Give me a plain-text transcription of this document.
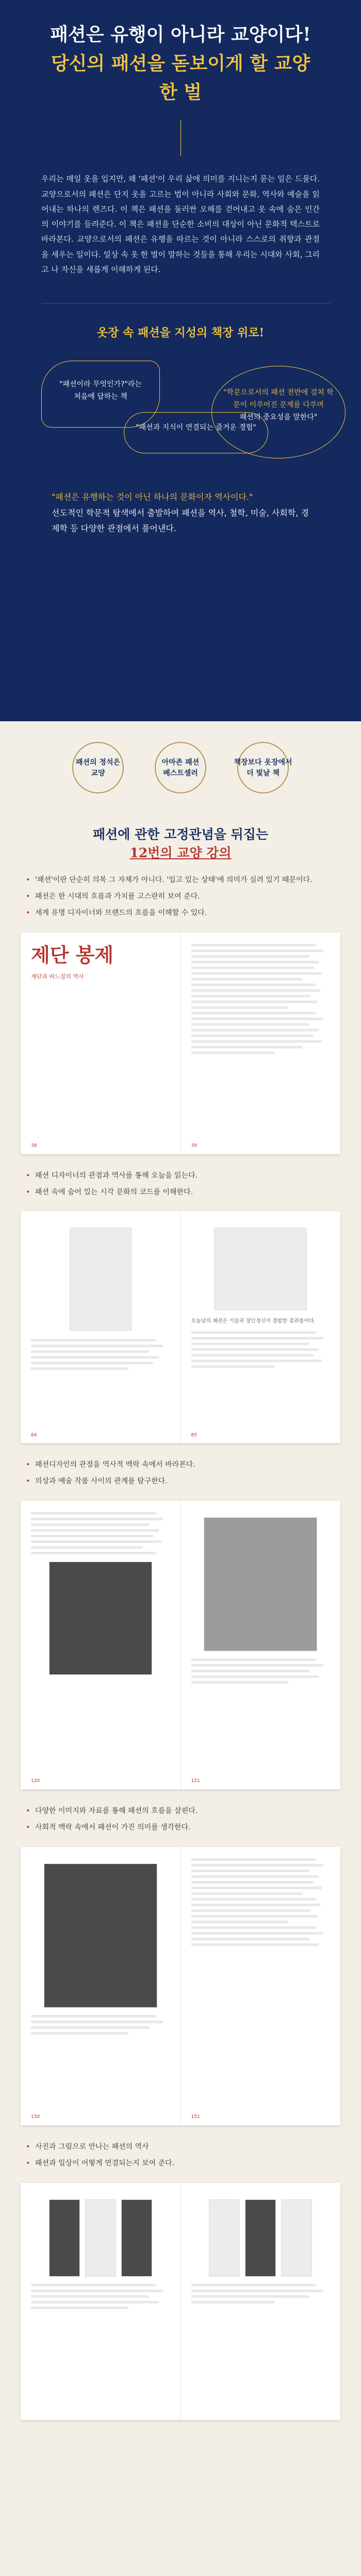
패션은 유행이 아니라 교양이다!
당신의 패션을 돋보이게 할 교양 한 벌

우리는 매일 옷을 입지만, 왜 '패션'이 우리 삶에 의미를 지니는지 묻는 일은 드물다. 교양으로서의 패션은 단지 옷을 고르는 법이 아니라 사회와 문화, 역사와 예술을 읽어내는 하나의 렌즈다. 이 책은 패션을 둘러싼 오해를 걷어내고 옷 속에 숨은 인간의 이야기를 들려준다. 이 책은 패션을 단순한 소비의 대상이 아닌 문화적 텍스트로 바라본다. 교양으로서의 패션은 유행을 따르는 것이 아니라 스스로의 취향과 관점을 세우는 일이다. 일상 속 옷 한 벌이 말하는 것들을 통해 우리는 시대와 사회, 그리고 나 자신을 새롭게 이해하게 된다.

옷장 속 패션을 지성의 책장 위로!
"패션이라 무엇인가?"라는
처음에 답하는 책
"패션과 지식이 연결되는 즐거운 경험"
"학문으로서의 패션 전반에 걸쳐 학문이 이루어진 문제를 다루며
패션의 중요성을 말한다"
"패션은 유행하는 것이 아닌 하나의 문화이자 역사이다."
선도적인 학문적 탐색에서 출발하여 패션을 역사, 철학, 미술, 사회학, 경제학 등 다양한 관점에서 풀어낸다.
패션의 정석은
교양
아마존 패션
베스트셀러
책장보다 옷장에서
더 빛날 책
패션에 관한 고정관념을 뒤집는
12번의 교양 강의
• '패션'이란 단순히 의복 그 자체가 아니다. '입고 있는 상태'에 의미가 실려 있기 때문이다.
• 패션은 한 시대의 흐름과 가치를 고스란히 보여 준다.
• 세계 유명 디자이너와 브랜드의 흐름을 이해할 수 있다.
제단 봉제
재단과 바느질의 역사
38	39
• 패션 디자이너의 관점과 역사를 통해 오늘을 읽는다.
• 패션 속에 숨어 있는 시각 문화의 코드를 이해한다.
84
오늘날의 패션은 기술과 장인정신이 결합한 결과물이다.
85
• 패션디자인의 관점을 역사적 맥락 속에서 바라본다.
• 의상과 예술 작품 사이의 관계를 탐구한다.
120	121
• 다양한 이미지와 자료를 통해 패션의 흐름을 살핀다.
• 사회적 맥락 속에서 패션이 가진 의미를 생각한다.
150	151
• 사진과 그림으로 만나는 패션의 역사
• 패션과 일상이 어떻게 연결되는지 보여 준다.
